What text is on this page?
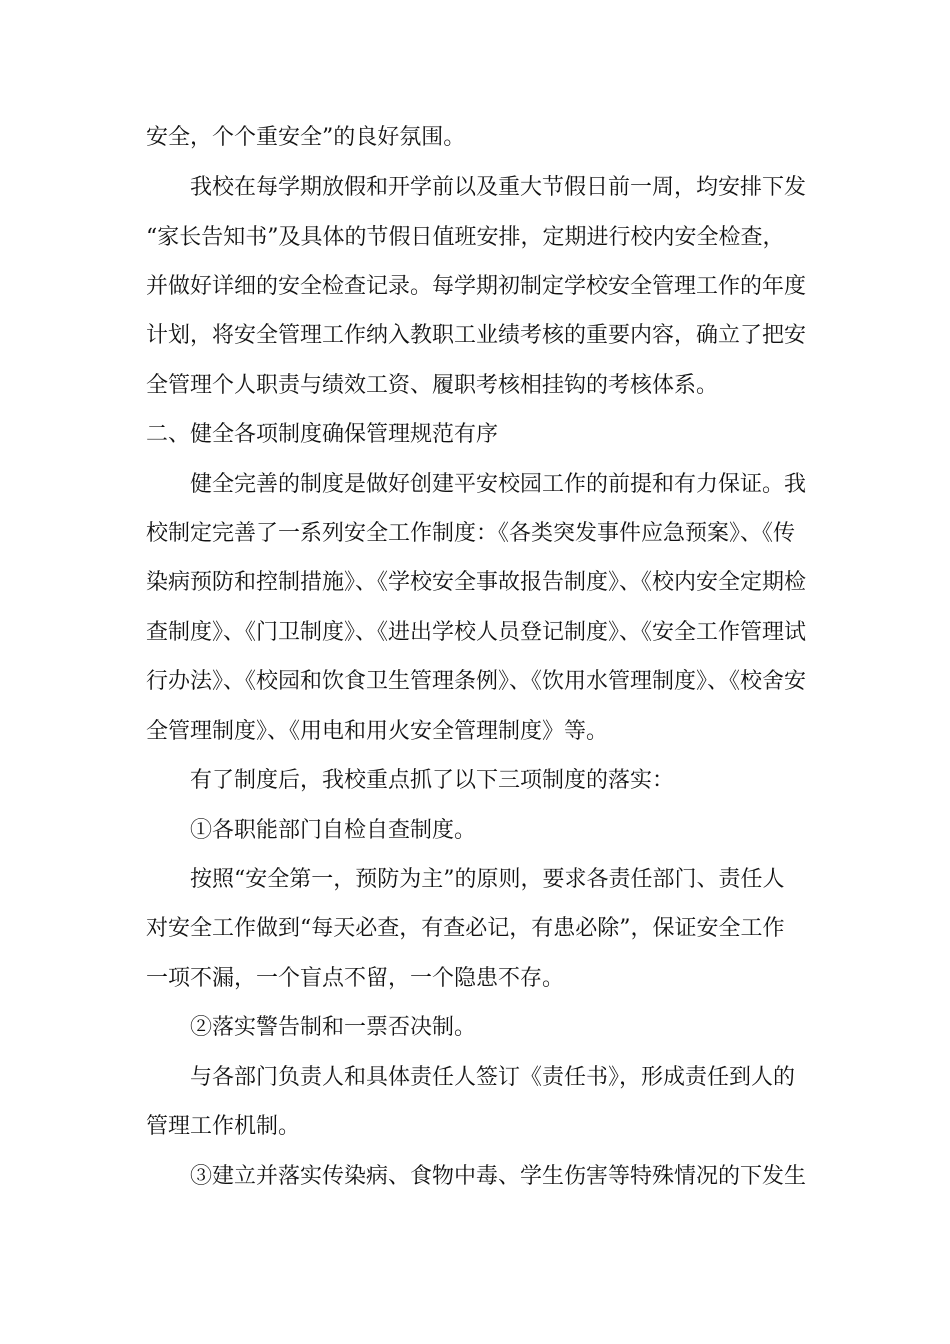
安全，个个重安全”的良好氛围。
我校在每学期放假和开学前以及重大节假日前一周，均安排下发
“家长告知书”及具体的节假日值班安排，定期进行校内安全检查，
并做好详细的安全检查记录。每学期初制定学校安全管理工作的年度
计划，将安全管理工作纳入教职工业绩考核的重要内容，确立了把安
全管理个人职责与绩效工资、履职考核相挂钩的考核体系。
二、健全各项制度确保管理规范有序
健全完善的制度是做好创建平安校园工作的前提和有力保证。我
校制定完善了一系列安全工作制度：《各类突发事件应急预案》、《传
染病预防和控制措施》、《学校安全事故报告制度》、《校内安全定期检
查制度》、《门卫制度》、《进出学校人员登记制度》、《安全工作管理试
行办法》、《校园和饮食卫生管理条例》、《饮用水管理制度》、《校舍安
全管理制度》、《用电和用火安全管理制度》等。
有了制度后，我校重点抓了以下三项制度的落实：
①各职能部门自检自查制度。
按照“安全第一，预防为主”的原则，要求各责任部门、责任人
对安全工作做到“每天必查，有查必记，有患必除”，保证安全工作
一项不漏，一个盲点不留，一个隐患不存。
②落实警告制和一票否决制。
与各部门负责人和具体责任人签订《责任书》，形成责任到人的
管理工作机制。
③建立并落实传染病、食物中毒、学生伤害等特殊情况的下发生
